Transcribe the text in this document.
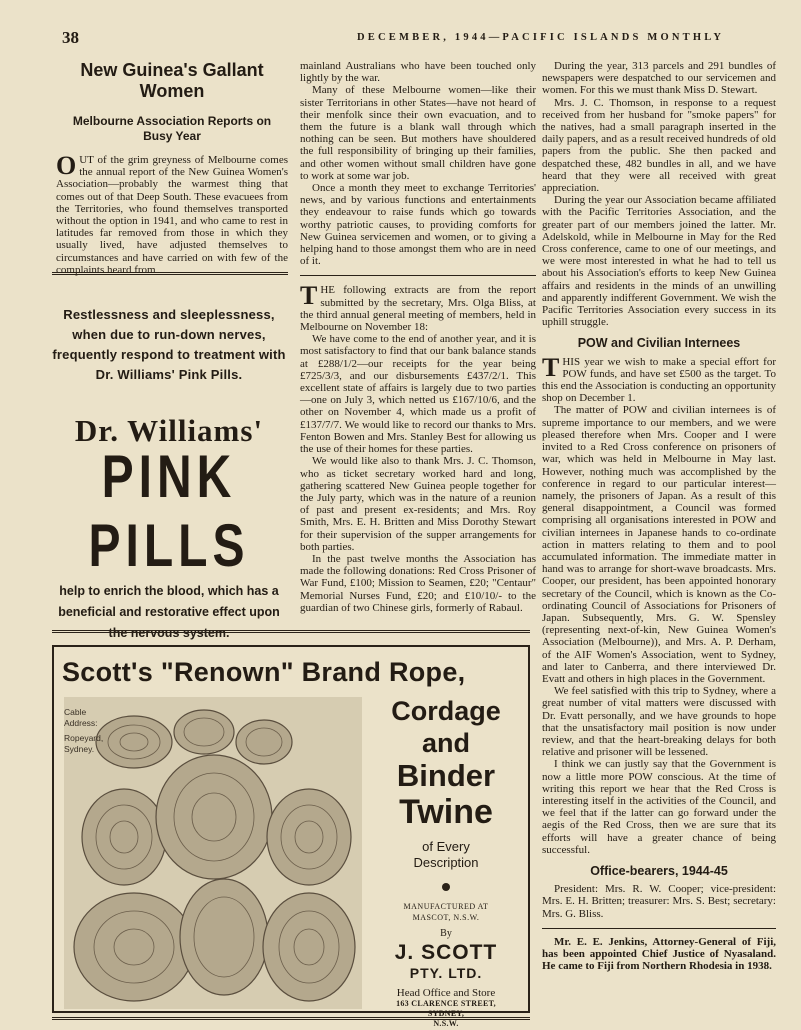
38	DECEMBER, 1944—PACIFIC ISLANDS MONTHLY
New Guinea's Gallant
Women
Melbourne Association Reports on
Busy Year

OUT of the grim greyness of Melbourne comes the annual report of the New Guinea Women's Association—probably the warmest thing that comes out of that Deep South. These evacuees from the Territories, who found themselves transported without the option in 1941, and who came to rest in latitudes far removed from those in which they usually lived, have adjusted themselves to circumstances and have carried on with few of the complaints heard from

Restlessness and sleeplessness, when due to run-down nerves, frequently respond to treatment with Dr. Williams' Pink Pills.
Dr. Williams'
PINK PILLS
help to enrich the blood, which has a beneficial and restorative effect upon the nervous system.

mainland Australians who have been touched only lightly by the war.

Many of these Melbourne women—like their sister Territorians in other States—have not heard of their menfolk since their own evacuation, and to them the future is a blank wall through which nothing can be seen. But mothers have shouldered the full responsibility of bringing up their families, and other women without small children have gone to work at some war job.

Once a month they meet to exchange Territories' news, and by various functions and entertainments they endeavour to raise funds which go towards worthy patriotic causes, to providing comforts for New Guinea servicemen and women, or to giving a helping hand to those amongst them who are in need of it.

THE following extracts are from the report submitted by the secretary, Mrs. Olga Bliss, at the third annual general meeting of members, held in Melbourne on November 18:

We have come to the end of another year, and it is most satisfactory to find that our bank balance stands at £288/1/2—our receipts for the year being £725/3/3, and our disbursements £437/2/1. This excellent state of affairs is largely due to two parties—one on July 3, which netted us £167/10/6, and the other on November 4, which made us a profit of £137/7/7. We would like to record our thanks to Mrs. Fenton Bowen and Mrs. Stanley Best for allowing us the use of their homes for these parties.

We would like also to thank Mrs. J. C. Thomson, who as ticket secretary worked hard and long, gathering scattered New Guinea people together for the July party, which was in the nature of a reunion of past and present ex-residents; and Mrs. Roy Smith, Mrs. E. H. Britten and Miss Dorothy Stewart for their supervision of the supper arrangements for both parties.

In the past twelve months the Association has made the following donations: Red Cross Prisoner of War Fund, £100; Mission to Seamen, £20; "Centaur" Memorial Nurses Fund, £20; and £10/10/- to the guardian of two Chinese girls, formerly of Rabaul.

During the year, 313 parcels and 291 bundles of newspapers were despatched to our servicemen and women. For this we must thank Miss D. Stewart.

Mrs. J. C. Thomson, in response to a request received from her husband for "smoke papers" for the natives, had a small paragraph inserted in the daily papers, and as a result received hundreds of old papers from the public. She then packed and despatched these, 482 bundles in all, and we have heard that they were all received with great appreciation.

During the year our Association became affiliated with the Pacific Territories Association, and the greater part of our members joined the latter. Mr. Adelskold, while in Melbourne in May for the Red Cross conference, came to one of our meetings, and we were most interested in what he had to tell us about his Association's efforts to keep New Guinea affairs and residents in the minds of an unwilling and apparently indifferent Government. We wish the Pacific Territories Association every success in its uphill struggle.

POW and Civilian Internees

THIS year we wish to make a special effort for POW funds, and have set £500 as the target. To this end the Association is conducting an opportunity shop on December 1.

The matter of POW and civilian internees is of supreme importance to our members, and we were pleased therefore when Mrs. Cooper and I were invited to a Red Cross conference on prisoners of war, which was held in Melbourne in May last. However, nothing much was accomplished by the conference in regard to our particular interest—namely, the prisoners of Japan. As a result of this general disappointment, a Council was formed comprising all organisations interested in POW and civilian internees in Japanese hands to co-ordinate action in matters relating to them and to pool accumulated information. The immediate matter in hand was to arrange for short-wave broadcasts. Mrs. Cooper, our president, has been appointed honorary secretary of the Council, which is known as the Co-ordinating Council of Associations for Prisoners of Japan. Subsequently, Mrs. G. W. Spensley (representing next-of-kin, New Guinea Women's Association (Melbourne)), and Mrs. A. P. Derham, of the AIF Women's Association, went to Sydney, and later to Canberra, and there interviewed Dr. Evatt and others in high places in the Government.

We feel satisfied with this trip to Sydney, where a great number of vital matters were discussed with Dr. Evatt personally, and we have grounds to hope that the unsatisfactory mail position is now under review, and that the heart-breaking delays for both relative and prisoner will be lessened.

I think we can justly say that the Government is now a little more POW conscious. At the time of writing this report we hear that the Red Cross is interesting itself in the activities of the Council, and we feel that if the latter can go forward under the aegis of the Red Cross, then we are sure that its efforts will have a greater chance of being successful.

Office-bearers, 1944-45

President: Mrs. R. W. Cooper; vice-president: Mrs. E. H. Britten; treasurer: Mrs. S. Best; secretary: Mrs. G. Bliss.

Mr. E. E. Jenkins, Attorney-General of Fiji, has been appointed Chief Justice of Nyasaland. He came to Fiji from Northern Rhodesia in 1938.

Scott's "Renown" Brand Rope,
Cable
Address:
Ropeyard,
Sydney.
Cordage and
Binder
Twine
of Every
Description
MANUFACTURED AT
MASCOT, N.S.W.
By
J. SCOTT
PTY. LTD.
Head Office and Store
163 CLARENCE STREET,
SYDNEY,
N.S.W.
